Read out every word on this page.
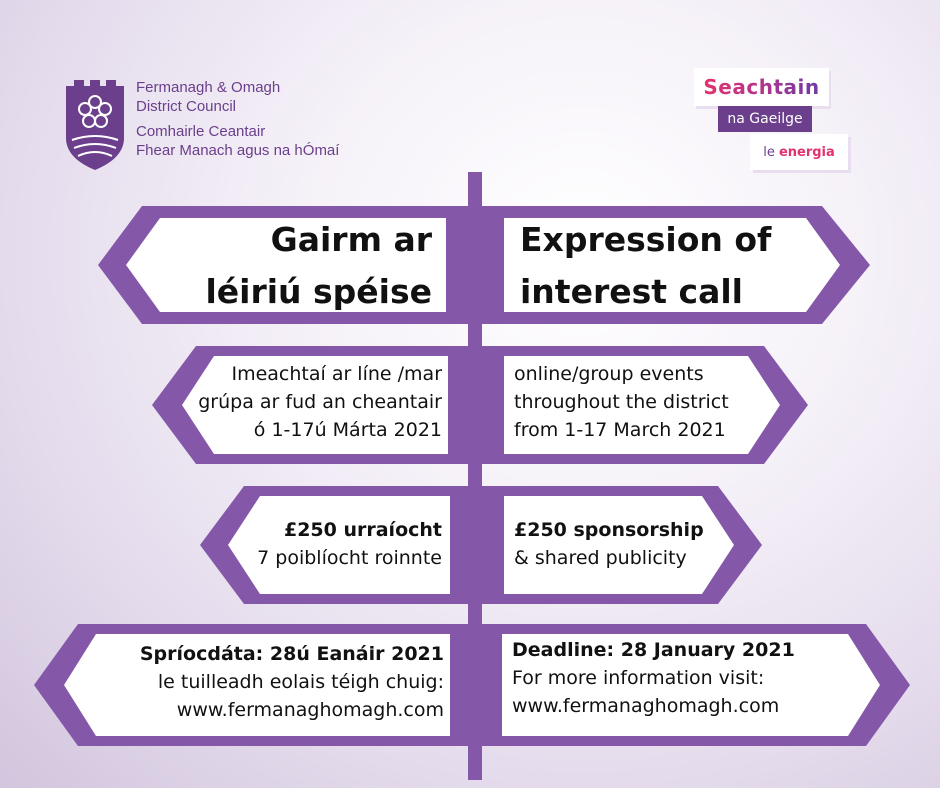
Fermanagh & Omagh
District Council
Comhairle Ceantair
Fhear Manach agus na hÓmaí
Seachtain
na Gaeilge
le energia
Gairm ar
léiriú spéise
Expression of
interest call
Imeachtaí ar líne /mar
grúpa ar fud an cheantair
ó 1-17ú Márta 2021
online/group events
throughout the district
from 1-17 March 2021
£250 urraíocht
7 poiblíocht roinnte
£250 sponsorship
& shared publicity
Spríocdáta: 28ú Eanáir 2021
le tuilleadh eolais téigh chuig:
www.fermanaghomagh.com
Deadline: 28 January 2021
For more information visit:
www.fermanaghomagh.com
